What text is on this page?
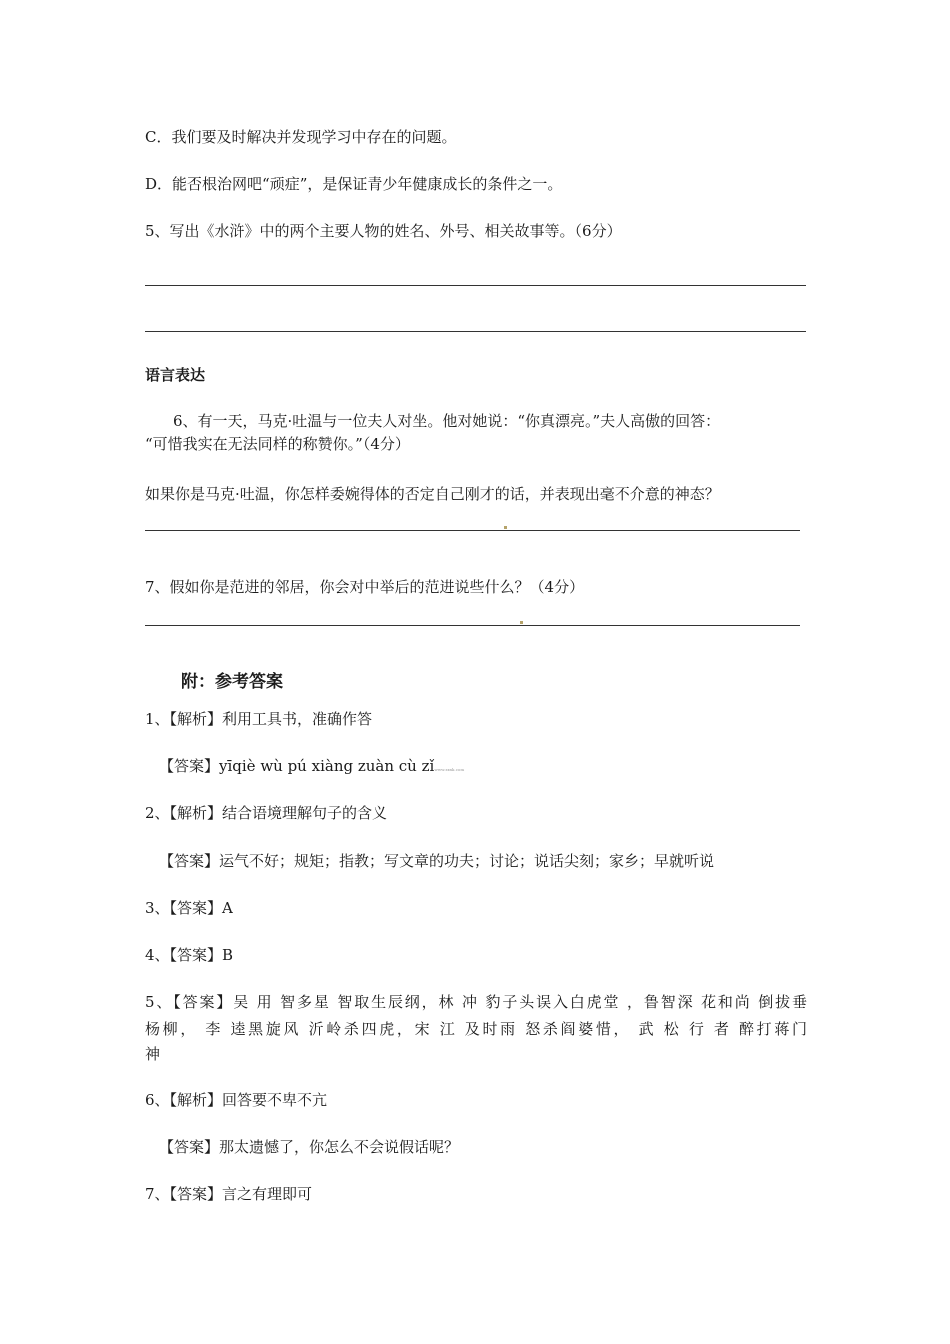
C．我们要及时解决并发现学习中存在的问题。
D．能否根治网吧“顽症”，是保证青少年健康成长的条件之一。
5、写出《水浒》中的两个主要人物的姓名、外号、相关故事等。（6分）
语言表达
6、有一天，马克·吐温与一位夫人对坐。他对她说：“你真漂亮。”夫人高傲的回答：
“可惜我实在无法同样的称赞你。”（4分）
如果你是马克·吐温，你怎样委婉得体的否定自己刚才的话，并表现出毫不介意的神态？
7、假如你是范进的邻居，你会对中举后的范进说些什么？（4分）
附：参考答案
1、【解析】利用工具书，准确作答
【答案】yīqiè wù pú xiàng zuàn cù zǐwww.zxxk.com
2、【解析】结合语境理解句子的含义
【答案】运气不好；规矩；指教；写文章的功夫；讨论；说话尖刻；家乡；早就听说
3、【答案】A
4、【答案】B
5、【答案】吴 用 智多星 智取生辰纲，林 冲 豹子头误入白虎堂 ，鲁智深 花和尚 倒拔垂
杨柳， 李 逵黑旋风 沂岭杀四虎，宋 江 及时雨 怒杀阎婆惜， 武 松 行 者 醉打蒋门
神
6、【解析】回答要不卑不亢
【答案】那太遗憾了，你怎么不会说假话呢？
7、【答案】言之有理即可
